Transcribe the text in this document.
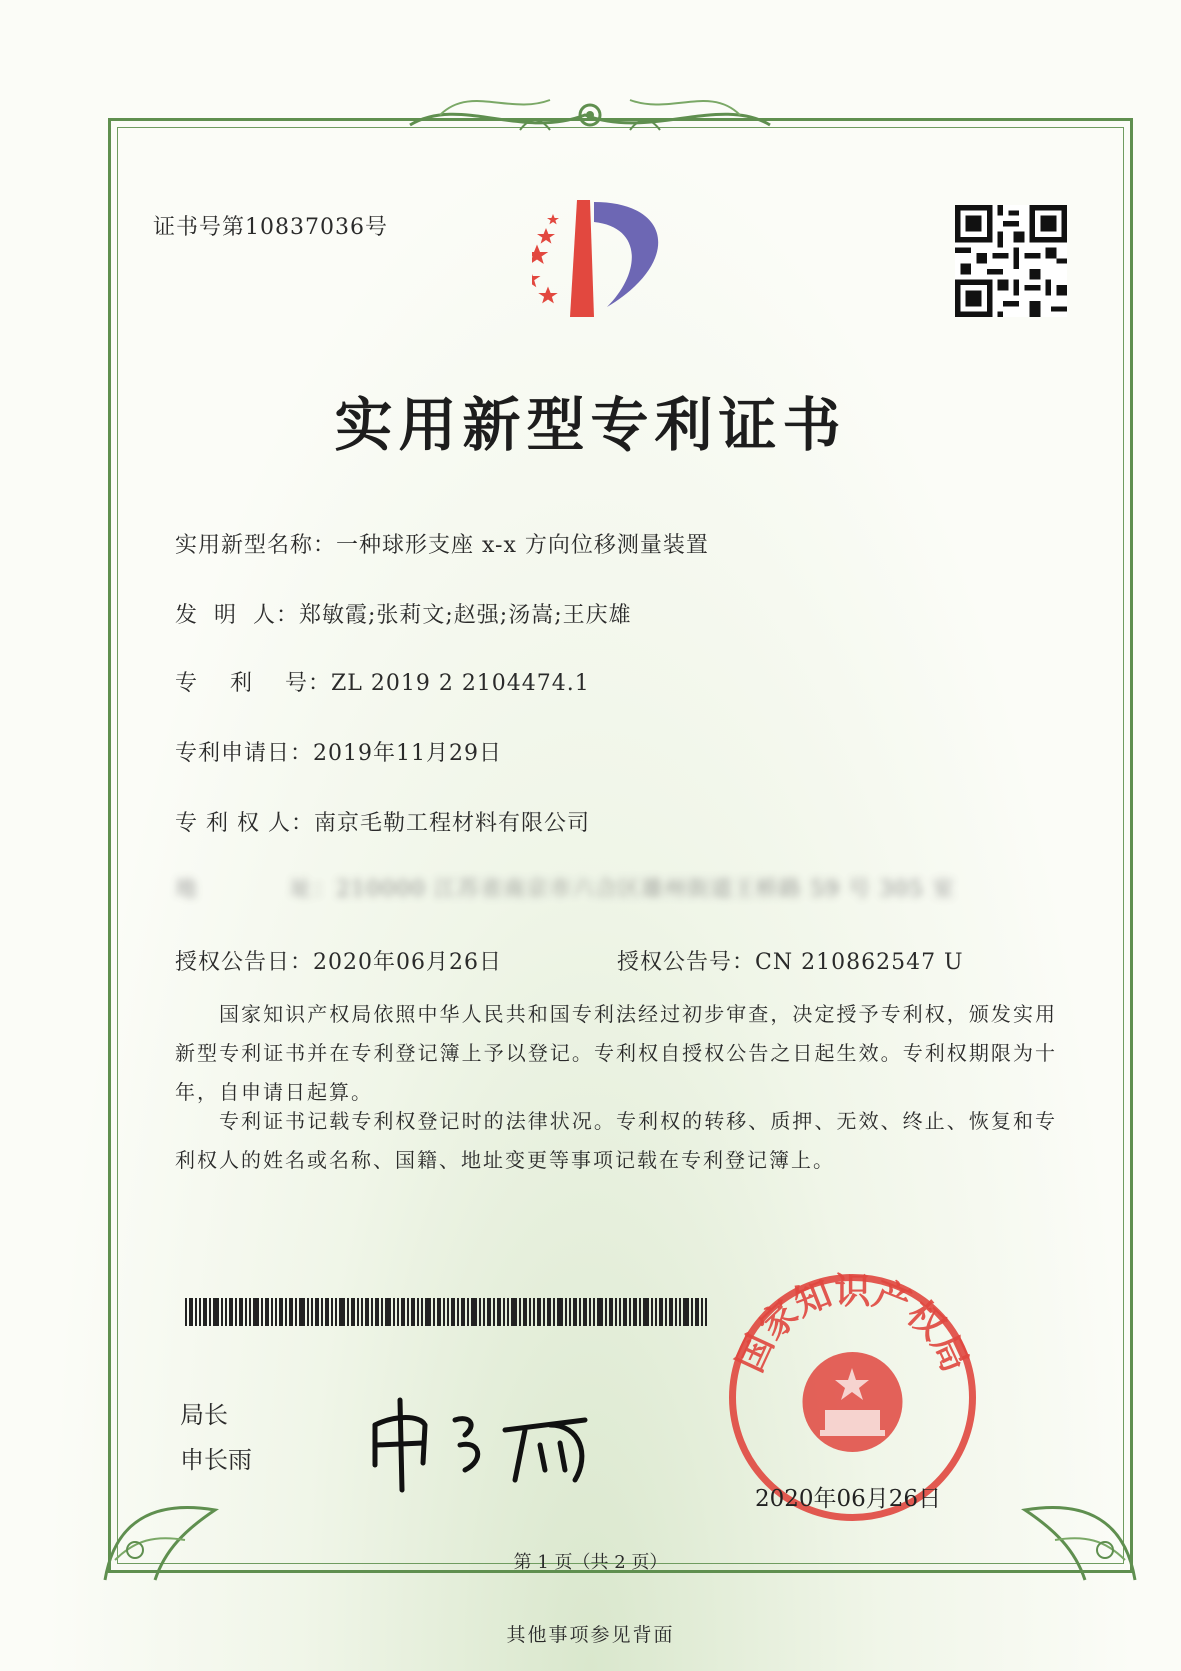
证书号第10837036号
实用新型专利证书
实用新型名称：一种球形支座 x-x 方向位移测量装置
发  明  人：郑敏霞;张莉文;赵强;汤嵩;王庆雄
专    利    号：ZL 2019 2 2104474.1
专利申请日：2019年11月29日
专 利 权 人：南京毛勒工程材料有限公司
地	址：210000 江苏省南京市六合区雄州街道王桥路 59 号 305 室
授权公告日：2020年06月26日	授权公告号：CN 210862547 U
国家知识产权局依照中华人民共和国专利法经过初步审查，决定授予专利权，颁发实用新型专利证书并在专利登记簿上予以登记。专利权自授权公告之日起生效。专利权期限为十年，自申请日起算。
专利证书记载专利权登记时的法律状况。专利权的转移、质押、无效、终止、恢复和专利权人的姓名或名称、国籍、地址变更等事项记载在专利登记簿上。
局长
申长雨
国家知识产权局
2020年06月26日
第 1 页（共 2 页）
其他事项参见背面
